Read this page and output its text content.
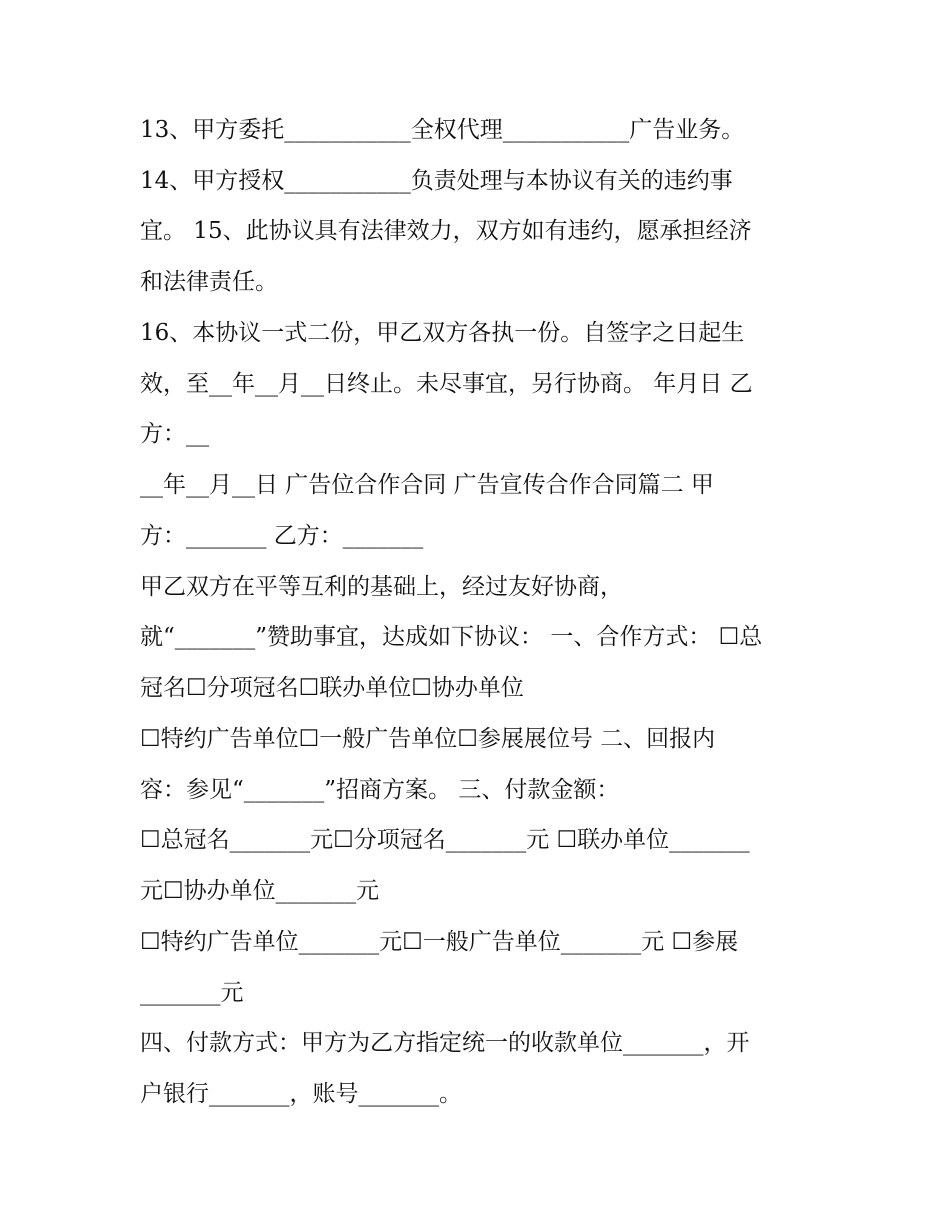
13、甲方委托___________全权代理___________广告业务。

14、甲方授权___________负责处理与本协议有关的违约事

宜。 15、此协议具有法律效力，双方如有违约，愿承担经济

和法律责任。

16、本协议一式二份，甲乙双方各执一份。自签字之日起生

效，至__年__月__日终止。未尽事宜，另行协商。 年月日 乙

方：__

__年__月__日 广告位合作合同 广告宣传合作合同篇二 甲

方：_______ 乙方：_______

甲乙双方在平等互利的基础上，经过友好协商，

就“_______”赞助事宜，达成如下协议： 一、合作方式： ☐总

冠名☐分项冠名☐联办单位☐协办单位

☐特约广告单位☐一般广告单位☐参展展位号 二、回报内

容：参见“_______”招商方案。 三、付款金额：

☐总冠名_______元☐分项冠名_______元 ☐联办单位_______

元☐协办单位_______元

☐特约广告单位_______元☐一般广告单位_______元 ☐参展

_______元

四、付款方式：甲方为乙方指定统一的收款单位_______，开

户银行_______，账号_______。
